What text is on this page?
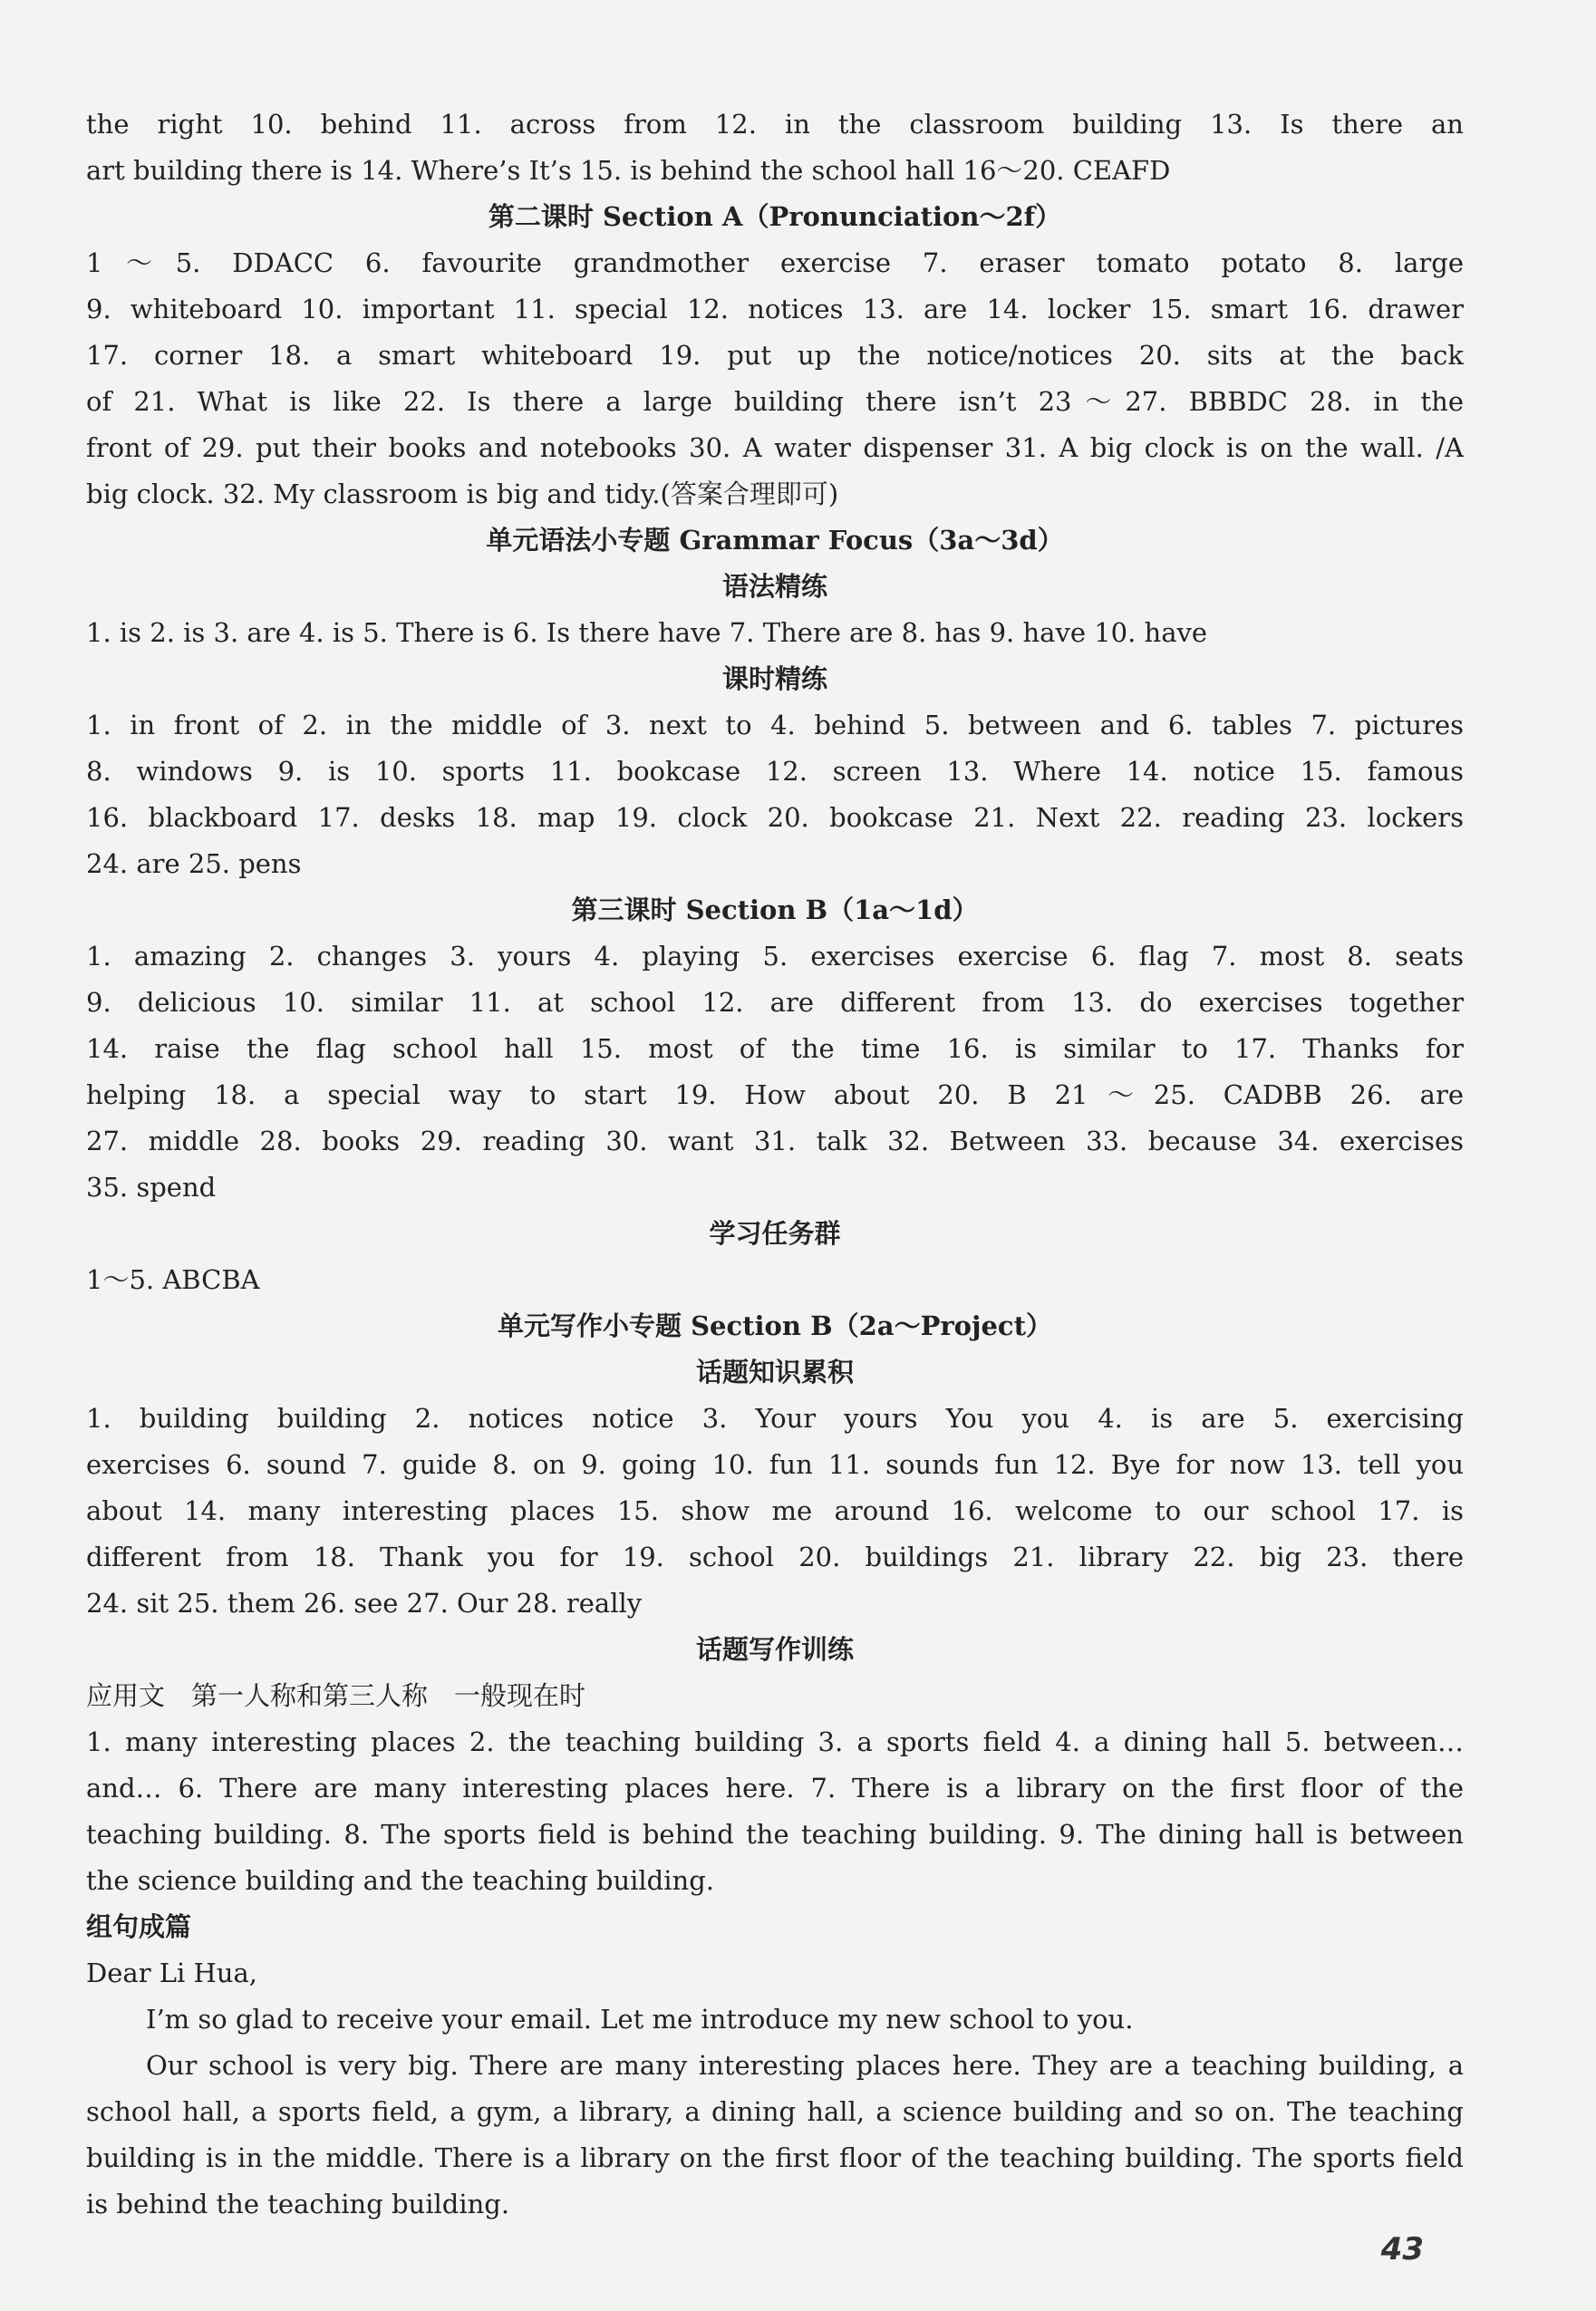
the right 10. behind 11. across from 12. in the classroom building 13. Is there an
art building there is 14. Where’s It’s 15. is behind the school hall 16～20. CEAFD
第二课时 Section A（Pronunciation～2f）
1～5. DDACC 6. favourite grandmother exercise 7. eraser tomato potato 8. large
9. whiteboard 10. important 11. special 12. notices 13. are 14. locker 15. smart 16. drawer
17. corner 18. a smart whiteboard 19. put up the notice/notices 20. sits at the back
of 21. What is like 22. Is there a large building there isn’t 23～27. BBBDC 28. in the
front of 29. put their books and notebooks 30. A water dispenser 31. A big clock is on the wall. /A
big clock. 32. My classroom is big and tidy.(答案合理即可)
单元语法小专题 Grammar Focus（3a～3d）
语法精练
1. is 2. is 3. are 4. is 5. There is 6. Is there have 7. There are 8. has 9. have 10. have
课时精练
1. in front of 2. in the middle of 3. next to 4. behind 5. between and 6. tables 7. pictures
8. windows 9. is 10. sports 11. bookcase 12. screen 13. Where 14. notice 15. famous
16. blackboard 17. desks 18. map 19. clock 20. bookcase 21. Next 22. reading 23. lockers
24. are 25. pens
第三课时 Section B（1a～1d）
1. amazing 2. changes 3. yours 4. playing 5. exercises exercise 6. flag 7. most 8. seats
9. delicious 10. similar 11. at school 12. are different from 13. do exercises together
14. raise the flag school hall 15. most of the time 16. is similar to 17. Thanks for
helping 18. a special way to start 19. How about 20. B 21～25. CADBB 26. are
27. middle 28. books 29. reading 30. want 31. talk 32. Between 33. because 34. exercises
35. spend
学习任务群
1～5. ABCBA
单元写作小专题 Section B（2a～Project）
话题知识累积
1. building building 2. notices notice 3. Your yours You you 4. is are 5. exercising
exercises 6. sound 7. guide 8. on 9. going 10. fun 11. sounds fun 12. Bye for now 13. tell you
about 14. many interesting places 15. show me around 16. welcome to our school 17. is
different from 18. Thank you for 19. school 20. buildings 21. library 22. big 23. there
24. sit 25. them 26. see 27. Our 28. really
话题写作训练
应用文　第一人称和第三人称　一般现在时
1. many interesting places 2. the teaching building 3. a sports field 4. a dining hall 5. between…
and… 6. There are many interesting places here. 7. There is a library on the first floor of the
teaching building. 8. The sports field is behind the teaching building. 9. The dining hall is between
the science building and the teaching building.
组句成篇
Dear Li Hua,
I’m so glad to receive your email. Let me introduce my new school to you.
Our school is very big. There are many interesting places here. They are a teaching building, a school hall, a sports field, a gym, a library, a dining hall, a science building and so on. The teaching building is in the middle. There is a library on the first floor of the teaching building. The sports field is behind the teaching building.
43
